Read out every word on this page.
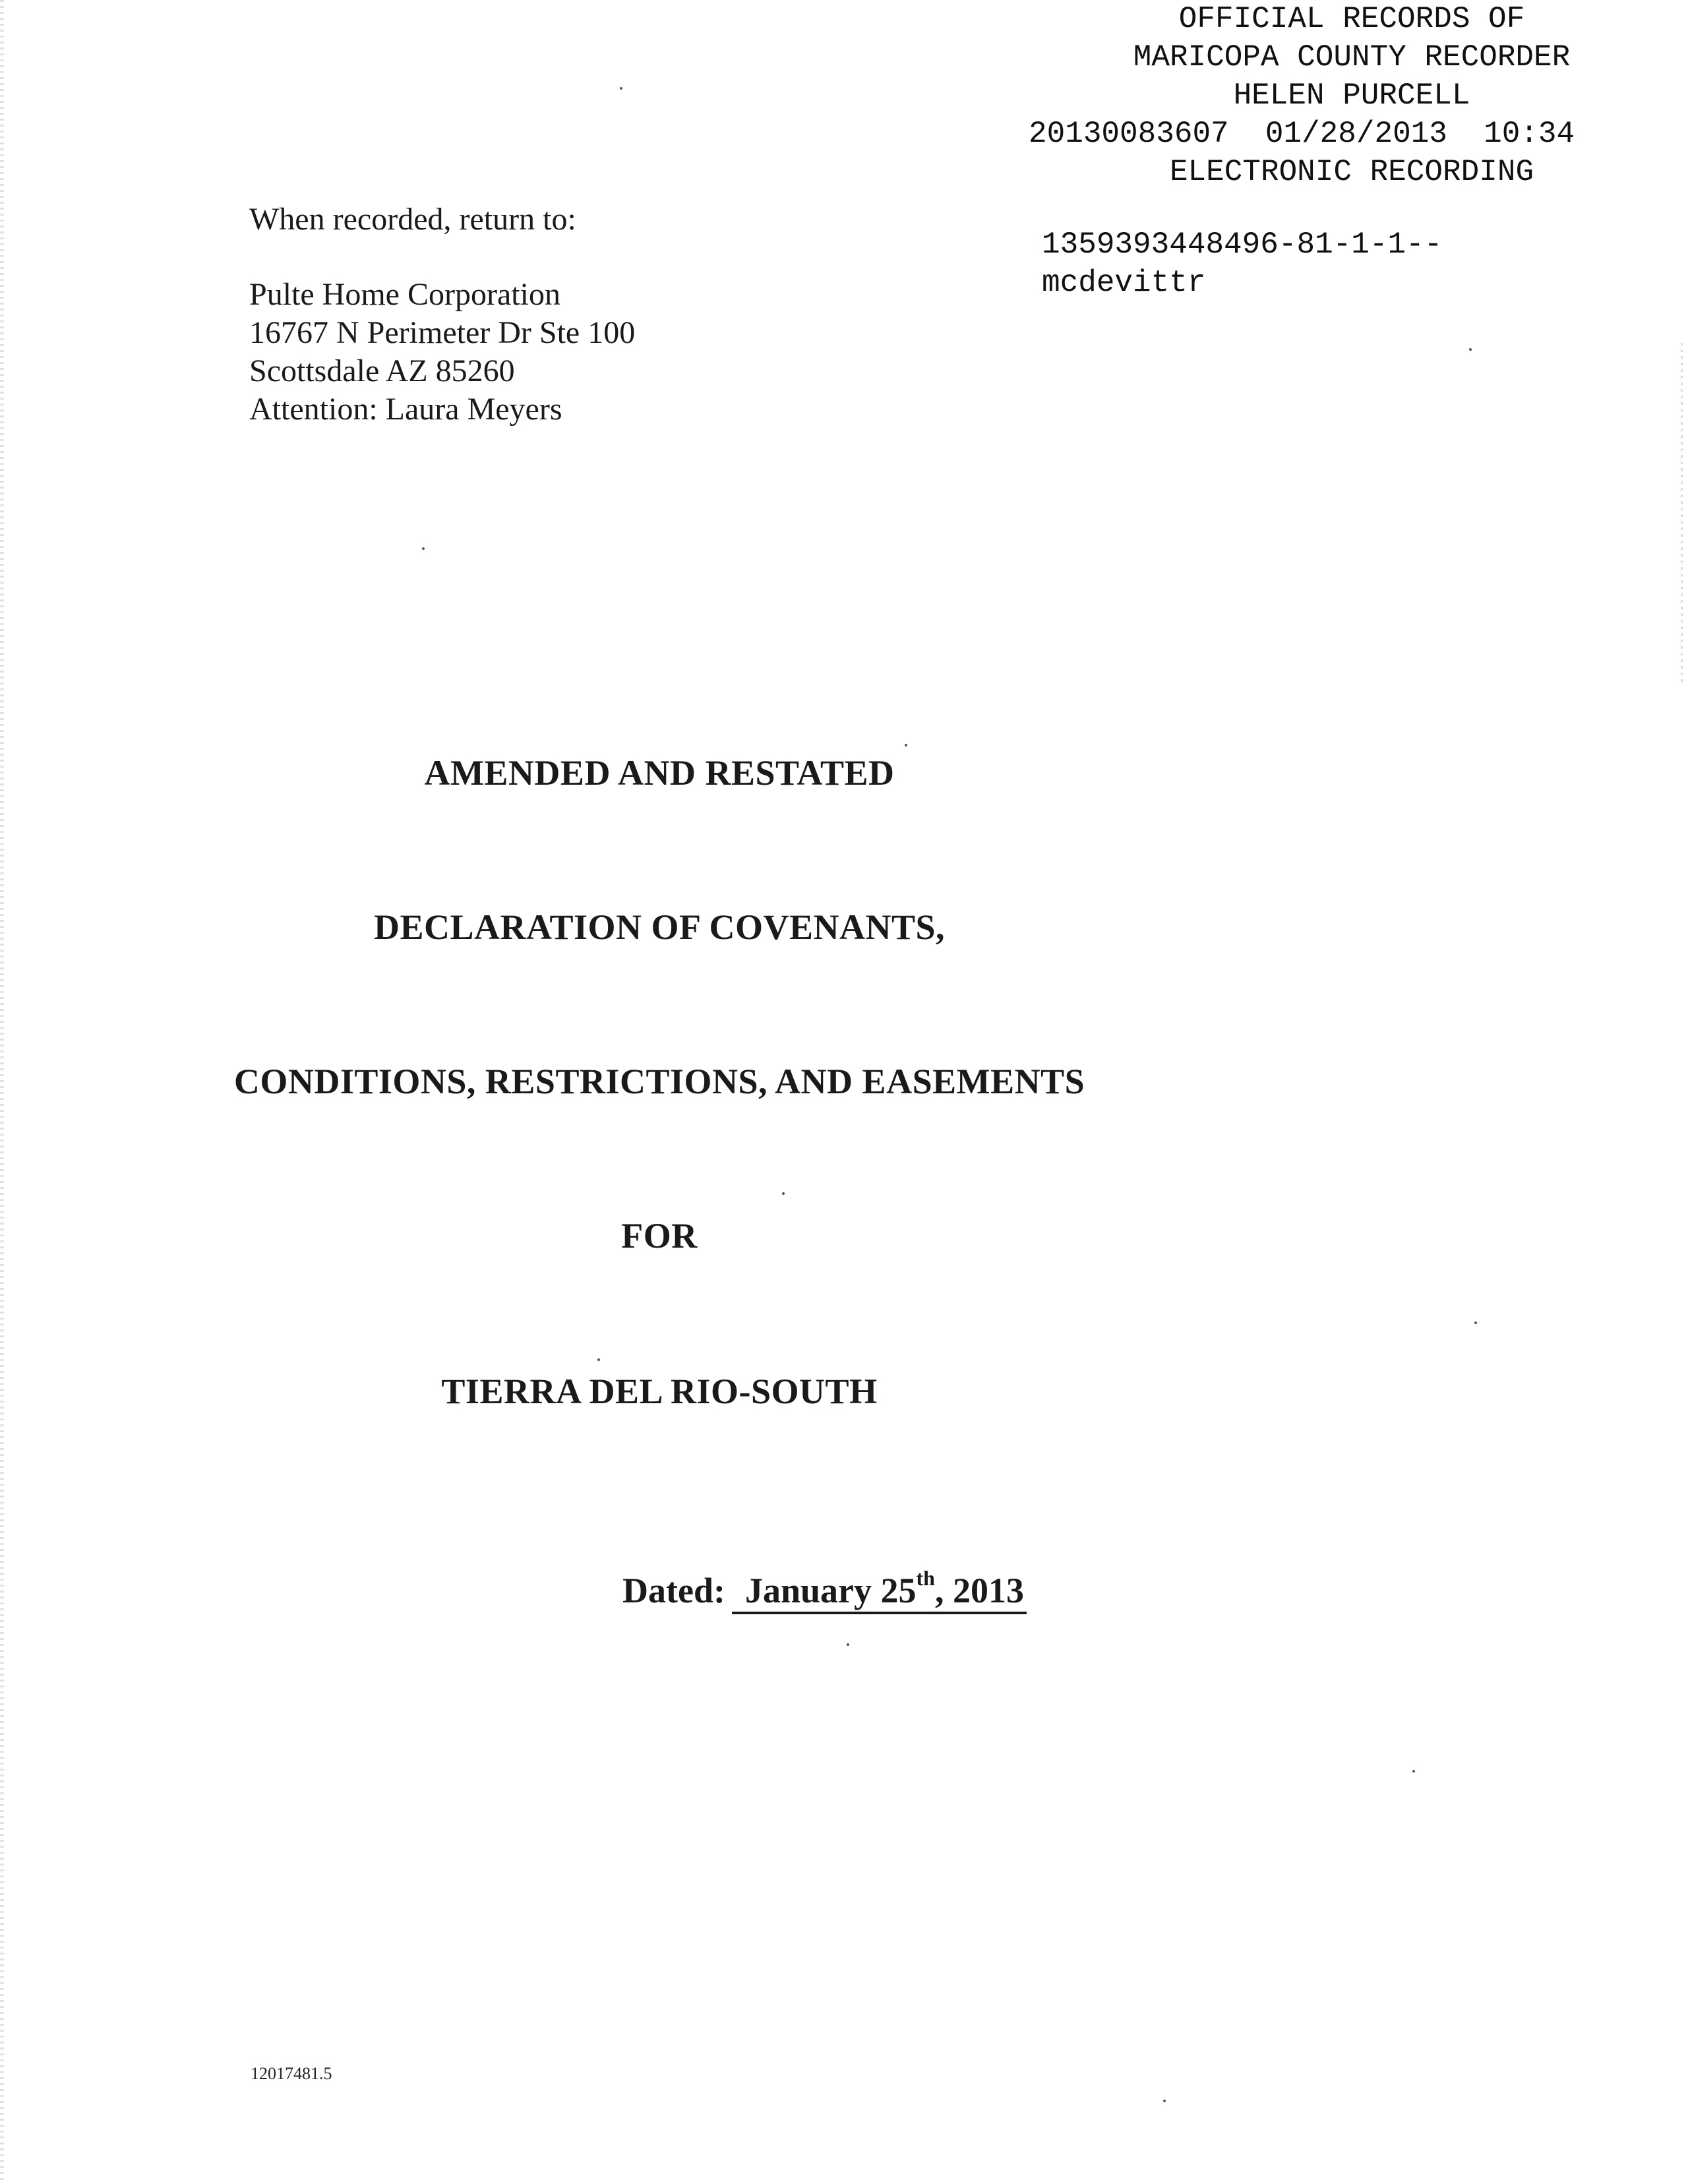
OFFICIAL RECORDS OF
MARICOPA COUNTY RECORDER
HELEN PURCELL
20130083607  01/28/2013  10:34
ELECTRONIC RECORDING
1359393448496-81-1-1--
mcdevittr
When recorded, return to:
Pulte Home Corporation
16767 N Perimeter Dr Ste 100
Scottsdale AZ 85260
Attention: Laura Meyers
AMENDED AND RESTATED
DECLARATION OF COVENANTS,
CONDITIONS, RESTRICTIONS, AND EASEMENTS
FOR
TIERRA DEL RIO-SOUTH
Dated: January 25th, 2013
12017481.5
